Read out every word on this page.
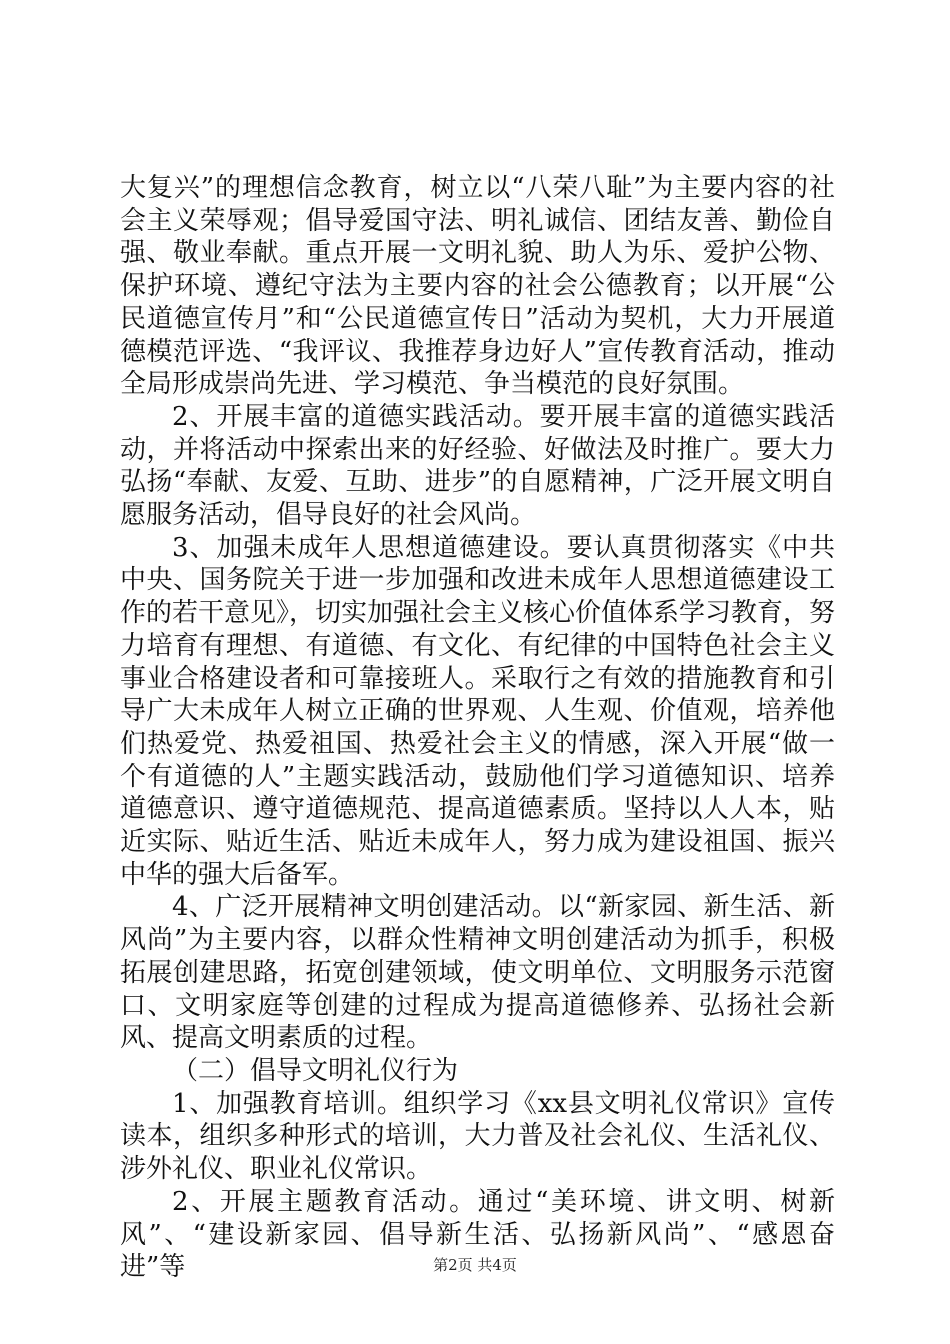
大复兴”的理想信念教育，树立以“八荣八耻”为主要内容的社会主义荣辱观；倡导爱国守法、明礼诚信、团结友善、勤俭自强、敬业奉献。重点开展一文明礼貌、助人为乐、爱护公物、保护环境、遵纪守法为主要内容的社会公德教育；以开展“公民道德宣传月”和“公民道德宣传日”活动为契机，大力开展道德模范评选、“我评议、我推荐身边好人”宣传教育活动，推动全局形成崇尚先进、学习模范、争当模范的良好氛围。

2、开展丰富的道德实践活动。要开展丰富的道德实践活动，并将活动中探索出来的好经验、好做法及时推广。要大力弘扬“奉献、友爱、互助、进步”的自愿精神，广泛开展文明自愿服务活动，倡导良好的社会风尚。

3、加强未成年人思想道德建设。要认真贯彻落实《中共中央、国务院关于进一步加强和改进未成年人思想道德建设工作的若干意见》，切实加强社会主义核心价值体系学习教育，努力培育有理想、有道德、有文化、有纪律的中国特色社会主义事业合格建设者和可靠接班人。采取行之有效的措施教育和引导广大未成年人树立正确的世界观、人生观、价值观，培养他们热爱党、热爱祖国、热爱社会主义的情感，深入开展“做一个有道德的人”主题实践活动，鼓励他们学习道德知识、培养道德意识、遵守道德规范、提高道德素质。坚持以人人本，贴近实际、贴近生活、贴近未成年人，努力成为建设祖国、振兴中华的强大后备军。

4、广泛开展精神文明创建活动。以“新家园、新生活、新风尚”为主要内容，以群众性精神文明创建活动为抓手，积极拓展创建思路，拓宽创建领域，使文明单位、文明服务示范窗口、文明家庭等创建的过程成为提高道德修养、弘扬社会新风、提高文明素质的过程。

（二）倡导文明礼仪行为

1、加强教育培训。组织学习《xx县文明礼仪常识》宣传读本，组织多种形式的培训，大力普及社会礼仪、生活礼仪、涉外礼仪、职业礼仪常识。

2、开展主题教育活动。通过“美环境、讲文明、树新风”、“建设新家园、倡导新生活、弘扬新风尚”、“感恩奋进”等	第2页 共4页
